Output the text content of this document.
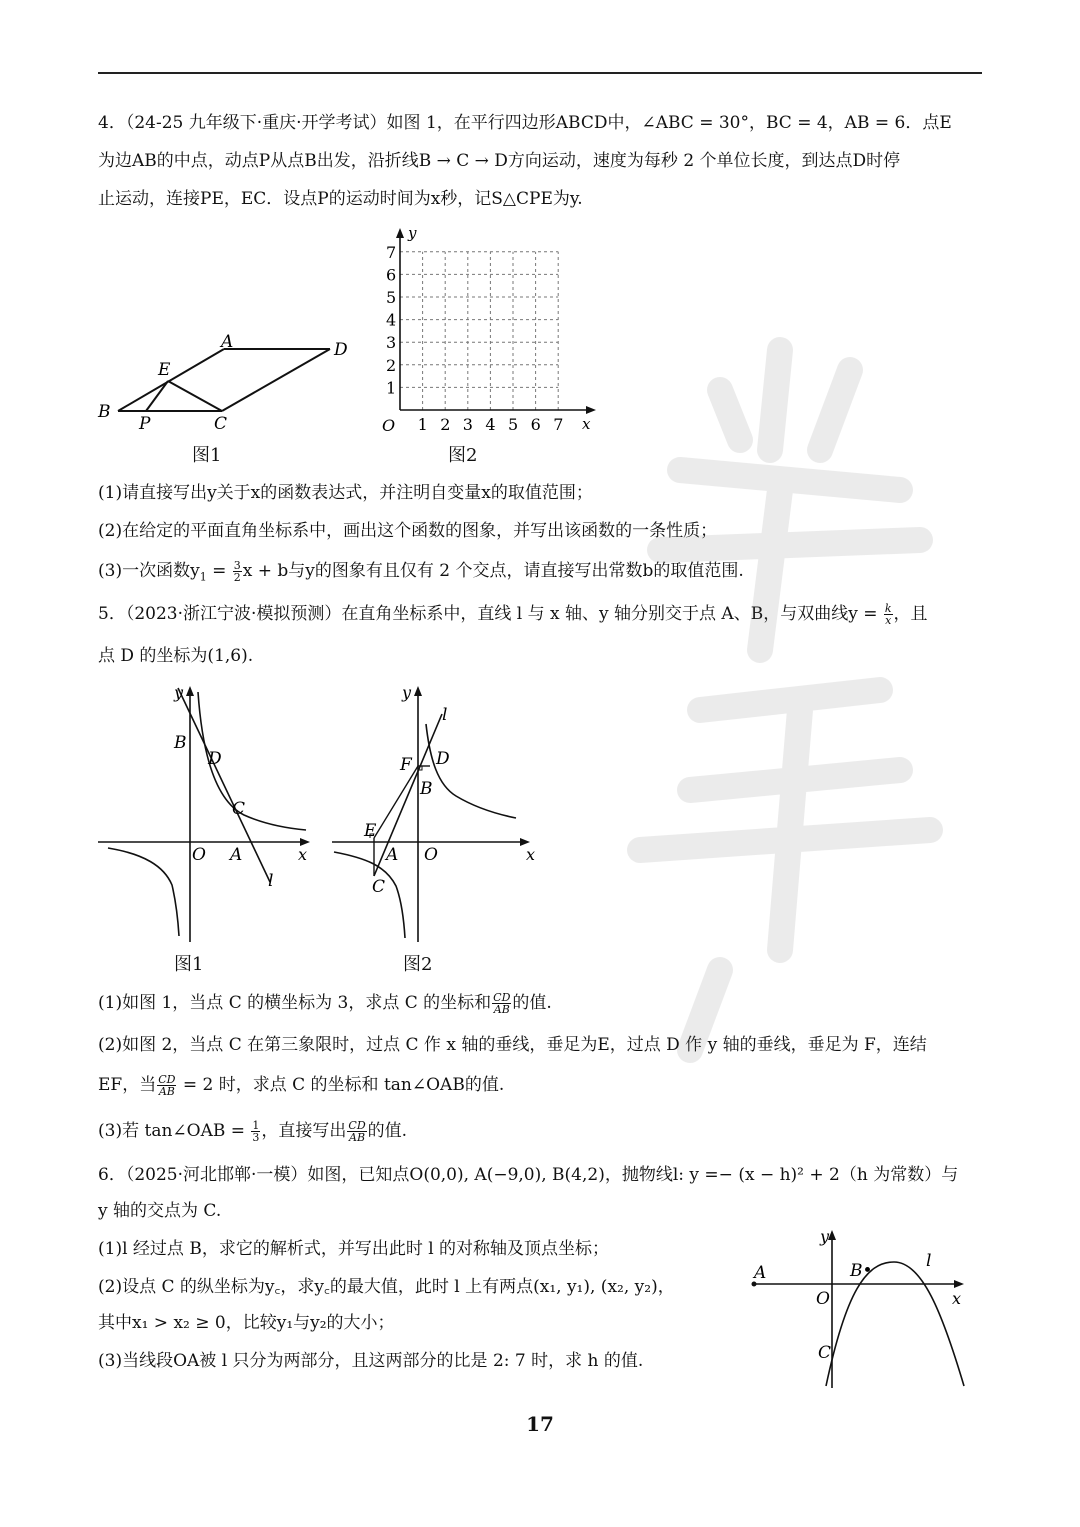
4．（24-25 九年级下·重庆·开学考试）如图 1，在平行四边形ABCD中，∠ABC = 30°，BC = 4，AB = 6．点E
为边AB的中点，动点P从点B出发，沿折线B → C → D方向运动，速度为每秒 2 个单位长度，到达点D时停
止运动，连接PE，EC．设点P的运动时间为x秒，记S△CPE为y.
A
B
C
D
E
P
图1
y
x
O
1
2
3
4
5
6
7
1 2 3 4 5 6 7
图2
(1)请直接写出y关于x的函数表达式，并注明自变量x的取值范围；
(2)在给定的平面直角坐标系中，画出这个函数的图象，并写出该函数的一条性质；
(3)一次函数$y_1 = \frac{3}{2}$ x + b与y的图象有且仅有 2 个交点，请直接写出常数b的取值范围.
5．（2023·浙江宁波·模拟预测）在直角坐标系中，直线 l 与 x 轴、y 轴分别交于点 A、B，与双曲线$y = \frac{k}{x}$ ，且
点 D 的坐标为(1,6).
y
x
O A
B
C
D
l
图1
y
x
O
A
B
C
D
E
F
l
图2
(1)如图 1，当点 C 的横坐标为 3，求点 C 的坐标和 $\frac{CD}{AB}$ 的值.
(2)如图 2，当点 C 在第三象限时，过点 C 作 x 轴的垂线，垂足为E，过点 D 作 y 轴的垂线，垂足为 F，连结
EF，当 $\frac{CD}{AB} = 2$ 时，求点 C 的坐标和 tan∠OAB的值.
(3)若 tan∠OAB = $\frac{1}{3}$ ，直接写出 $\frac{CD}{AB}$ 的值.
6．（2025·河北邯郸·一模）如图，已知点O(0,0), A(−9,0), B(4,2)，抛物线l: y =− (x − h)² + 2（h 为常数）与
y 轴的交点为 C.
(1)l 经过点 B，求它的解析式，并写出此时 l 的对称轴及顶点坐标；
(2)设点 C 的纵坐标为y꜀，求y꜀的最大值，此时 l 上有两点(x₁, y₁), (x₂, y₂)，
其中x₁ > x₂ ≥ 0，比较y₁与y₂的大小；
(3)当线段OA被 l 只分为两部分，且这两部分的比是 2: 7 时，求 h 的值.
y
x
O
A	B•
C
l
17
